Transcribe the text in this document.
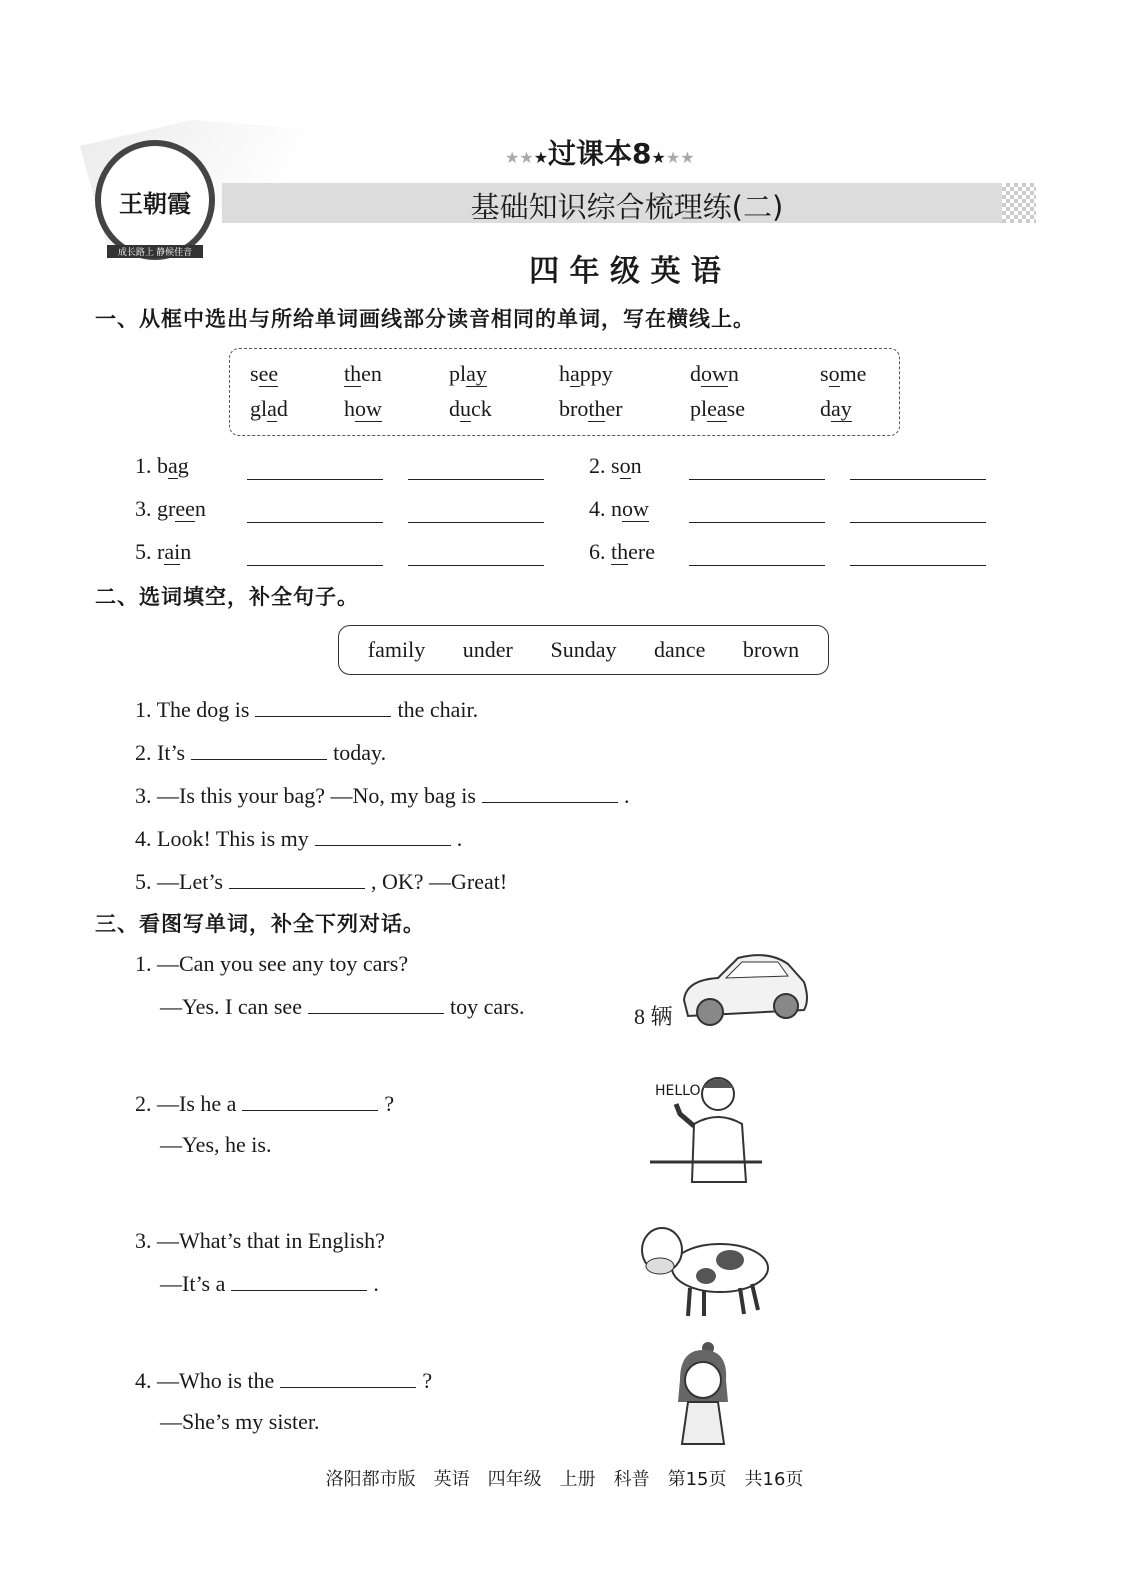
王朝霞
成长路上 静候佳音
★★★过课本8★★★
基础知识综合梳理练(二)
四 年 级 英 语
一、从框中选出与所给单词画线部分读音相同的单词，写在横线上。
二、选词填空，补全句子。
family under Sunday dance brown
三、看图写单词，补全下列对话。
8 辆
HELLO
洛阳都市版　英语　四年级　上册　科普　第15页　共16页
see	then	play	happy	down	some
glad	how	duck	brother	please	day
1. bag	2. son
3. green	4. now
5. rain	6. there
1. The dog is	the chair.
2. It’s	today.
3. —Is this your bag? —No, my bag is	.
4. Look! This is my	.
5. —Let’s	, OK? —Great!
1. —Can you see any toy cars?
—Yes. I can see	toy cars.
2. —Is he a	?
—Yes, he is.
3. —What’s that in English?
—It’s a	.
4. —Who is the	?
—She’s my sister.
